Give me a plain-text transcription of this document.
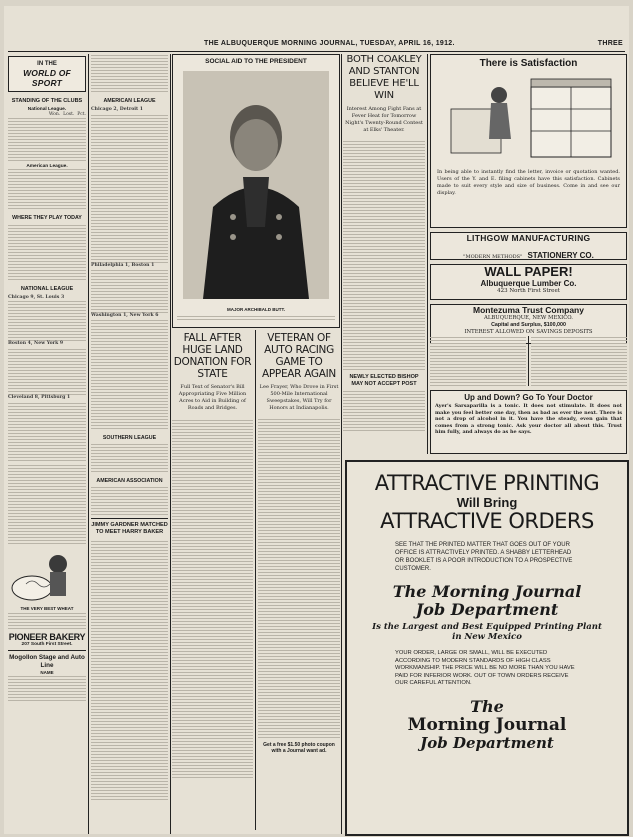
THE ALBUQUERQUE MORNING JOURNAL, TUESDAY, APRIL 16, 1912.	THREE
IN THE
WORLD OF SPORT
STANDING OF THE CLUBS
National League.
Won. Lost. Pct.
American League.
WHERE THEY PLAY TODAY
NATIONAL LEAGUE
Chicago 9, St. Louis 3
Boston 4, New York 9
Cleveland 8, Pittsburg 1
THE VERY BEST WHEAT
PIONEER BAKERY
207 South First Street.
Mogollon Stage and Auto Line
NAME
AMERICAN LEAGUE
Chicago 2, Detroit 1
Philadelphia 1, Boston 1
Washington 1, New York 6
SOUTHERN LEAGUE
AMERICAN ASSOCIATION
JIMMY GARDNER MATCHED TO MEET HARRY BAKER
SOCIAL AID TO THE PRESIDENT
MAJOR ARCHIBALD BUTT.
FALL AFTER HUGE LAND DONATION FOR STATE
Full Text of Senator's Bill Appropriating Five Million Acres to Aid in Building of Roads and Bridges.
VETERAN OF AUTO RACING GAME TO APPEAR AGAIN
Lee Frayer, Who Drove in First 500-Mile International Sweepstakes, Will Try for Honors at Indianapolis.
Get a free $1.50 photo coupon with a Journal want ad.
BOTH COAKLEY AND STANTON BELIEVE HE'LL WIN
Interest Among Fight Fans at Fever Heat for Tomorrow Night's Twenty-Round Contest at Elks' Theater.
NEWLY ELECTED BISHOP MAY NOT ACCEPT POST
There is Satisfaction
In being able to instantly find the letter, invoice or quotation wanted. Users of the Y. and E. filing cabinets have this satisfaction. Cabinets made to suit every style and size of business. Come in and see our display.
LITHGOW MANUFACTURING
"MODERN METHODS" STATIONERY CO.
WALL PAPER!
Albuquerque Lumber Co.
423 North First Street
Montezuma Trust Company
ALBUQUERQUE, NEW MEXICO.
Capital and Surplus, $100,000
INTEREST ALLOWED ON SAVINGS DEPOSITS
Up and Down? Go To Your Doctor
Ayer's Sarsaparilla is a tonic. It does not stimulate. It does not make you feel better one day, then as bad as ever the next. There is not a drop of alcohol in it. You have the steady, even gain that comes from a strong tonic. Ask your doctor all about this. Trust him fully, and always do as he says.
ATTRACTIVE PRINTING
Will Bring
ATTRACTIVE ORDERS
SEE THAT THE PRINTED MATTER THAT GOES OUT OF YOUR OFFICE IS ATTRACTIVELY PRINTED. A SHABBY LETTERHEAD OR BOOKLET IS A POOR INTRODUCTION TO A PROSPECTIVE CUSTOMER.
The Morning Journal
Job Department
Is the Largest and Best Equipped Printing Plant in New Mexico
YOUR ORDER, LARGE OR SMALL, WILL BE EXECUTED ACCORDING TO MODERN STANDARDS OF HIGH CLASS WORKMANSHIP. THE PRICE WILL BE NO MORE THAN YOU HAVE PAID FOR INFERIOR WORK. OUT OF TOWN ORDERS RECEIVE OUR CAREFUL ATTENTION.
The
Morning Journal
Job Department
